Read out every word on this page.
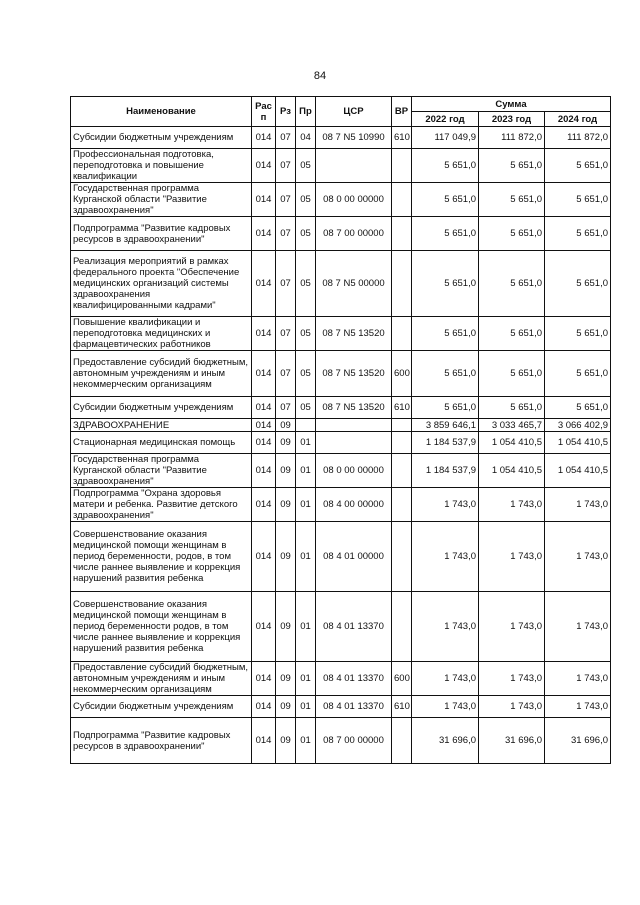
84
Наименование	Рас п	Рз	Пр	ЦСР	ВР	Сумма		
						2022 год	2023 год	2024 год
Субсидии бюджетным учреждениям	014	07	04	08 7 N5 10990	610	117 049,9	111 872,0	111 872,0
Профессиональная подготовка, переподготовка и повышение квалификации	014	07	05			5 651,0	5 651,0	5 651,0
Государственная программа Курганской области "Развитие здравоохранения"	014	07	05	08 0 00 00000		5 651,0	5 651,0	5 651,0
Подпрограмма "Развитие кадровых ресурсов в здравоохранении"	014	07	05	08 7 00 00000		5 651,0	5 651,0	5 651,0
Реализация мероприятий в рамках федерального проекта "Обеспечение медицинских организаций системы здравоохранения квалифицированными кадрами"	014	07	05	08 7 N5 00000		5 651,0	5 651,0	5 651,0
Повышение квалификации и переподготовка медицинских и фармацевтических работников	014	07	05	08 7 N5 13520		5 651,0	5 651,0	5 651,0
Предоставление субсидий бюджетным, автономным учреждениям и иным некоммерческим организациям	014	07	05	08 7 N5 13520	600	5 651,0	5 651,0	5 651,0
Субсидии бюджетным учреждениям	014	07	05	08 7 N5 13520	610	5 651,0	5 651,0	5 651,0
ЗДРАВООХРАНЕНИЕ	014	09				3 859 646,1	3 033 465,7	3 066 402,9
Стационарная медицинская помощь	014	09	01			1 184 537,9	1 054 410,5	1 054 410,5
Государственная программа Курганской области "Развитие здравоохранения"	014	09	01	08 0 00 00000		1 184 537,9	1 054 410,5	1 054 410,5
Подпрограмма "Охрана здоровья матери и ребенка. Развитие детского здравоохранения"	014	09	01	08 4 00 00000		1 743,0	1 743,0	1 743,0
Совершенствование оказания медицинской помощи женщинам в период беременности, родов, в том числе раннее выявление и коррекция нарушений развития ребенка	014	09	01	08 4 01 00000		1 743,0	1 743,0	1 743,0
Совершенствование оказания медицинской помощи женщинам в период беременности родов, в том числе раннее выявление и коррекция нарушений развития ребенка	014	09	01	08 4 01 13370		1 743,0	1 743,0	1 743,0
Предоставление субсидий бюджетным, автономным учреждениям и иным некоммерческим организациям	014	09	01	08 4 01 13370	600	1 743,0	1 743,0	1 743,0
Субсидии бюджетным учреждениям	014	09	01	08 4 01 13370	610	1 743,0	1 743,0	1 743,0
Подпрограмма "Развитие кадровых ресурсов в здравоохранении"	014	09	01	08 7 00 00000		31 696,0	31 696,0	31 696,0
